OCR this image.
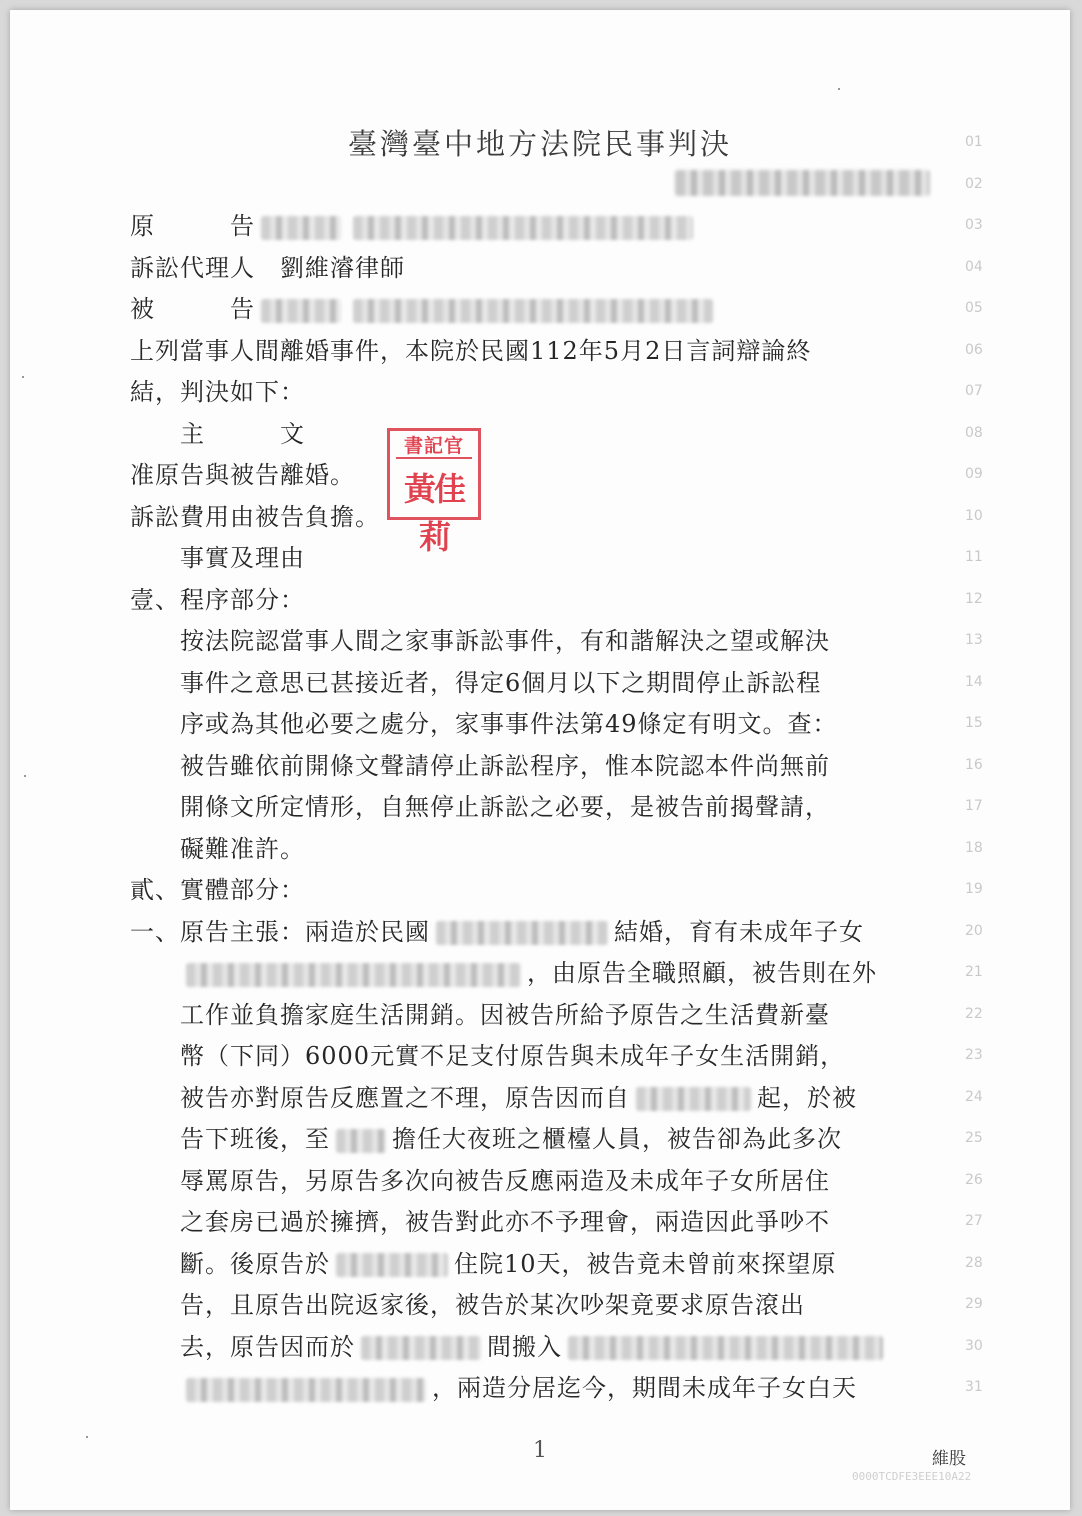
臺灣臺中地方法院民事判決	01
02
原　　　告	03
訴訟代理人　劉維濬律師	04
被　　　告	05
上列當事人間離婚事件，本院於民國112年5月2日言詞辯論終	06
結，判決如下：	07
　　主　　　文	08
准原告與被告離婚。	09
訴訟費用由被告負擔。	10
　　事實及理由	11
壹、程序部分：	12
　　按法院認當事人間之家事訴訟事件，有和諧解決之望或解決	13
　　事件之意思已甚接近者，得定6個月以下之期間停止訴訟程	14
　　序或為其他必要之處分，家事事件法第49條定有明文。查：	15
　　被告雖依前開條文聲請停止訴訟程序，惟本院認本件尚無前	16
　　開條文所定情形，自無停止訴訟之必要，是被告前揭聲請，	17
　　礙難准許。	18
貳、實體部分：	19
一、原告主張：兩造於民國	結婚，育有未成年子女	20
　　，由原告全職照顧，被告則在外	21
　　工作並負擔家庭生活開銷。因被告所給予原告之生活費新臺	22
　　幣（下同）6000元實不足支付原告與未成年子女生活開銷，	23
　　被告亦對原告反應置之不理，原告因而自	起，於被	24
　　告下班後，至	擔任大夜班之櫃檯人員，被告卻為此多次	25
　　辱罵原告，另原告多次向被告反應兩造及未成年子女所居住	26
　　之套房已過於擁擠，被告對此亦不予理會，兩造因此爭吵不	27
　　斷。後原告於	住院10天，被告竟未曾前來探望原	28
　　告，且原告出院返家後，被告於某次吵架竟要求原告滾出	29
　　去，原告因而於	間搬入	30
　　，兩造分居迄今，期間未成年子女白天	31
書記官
黃佳莉
1	維股
0000TCDFE3EEE10A22
